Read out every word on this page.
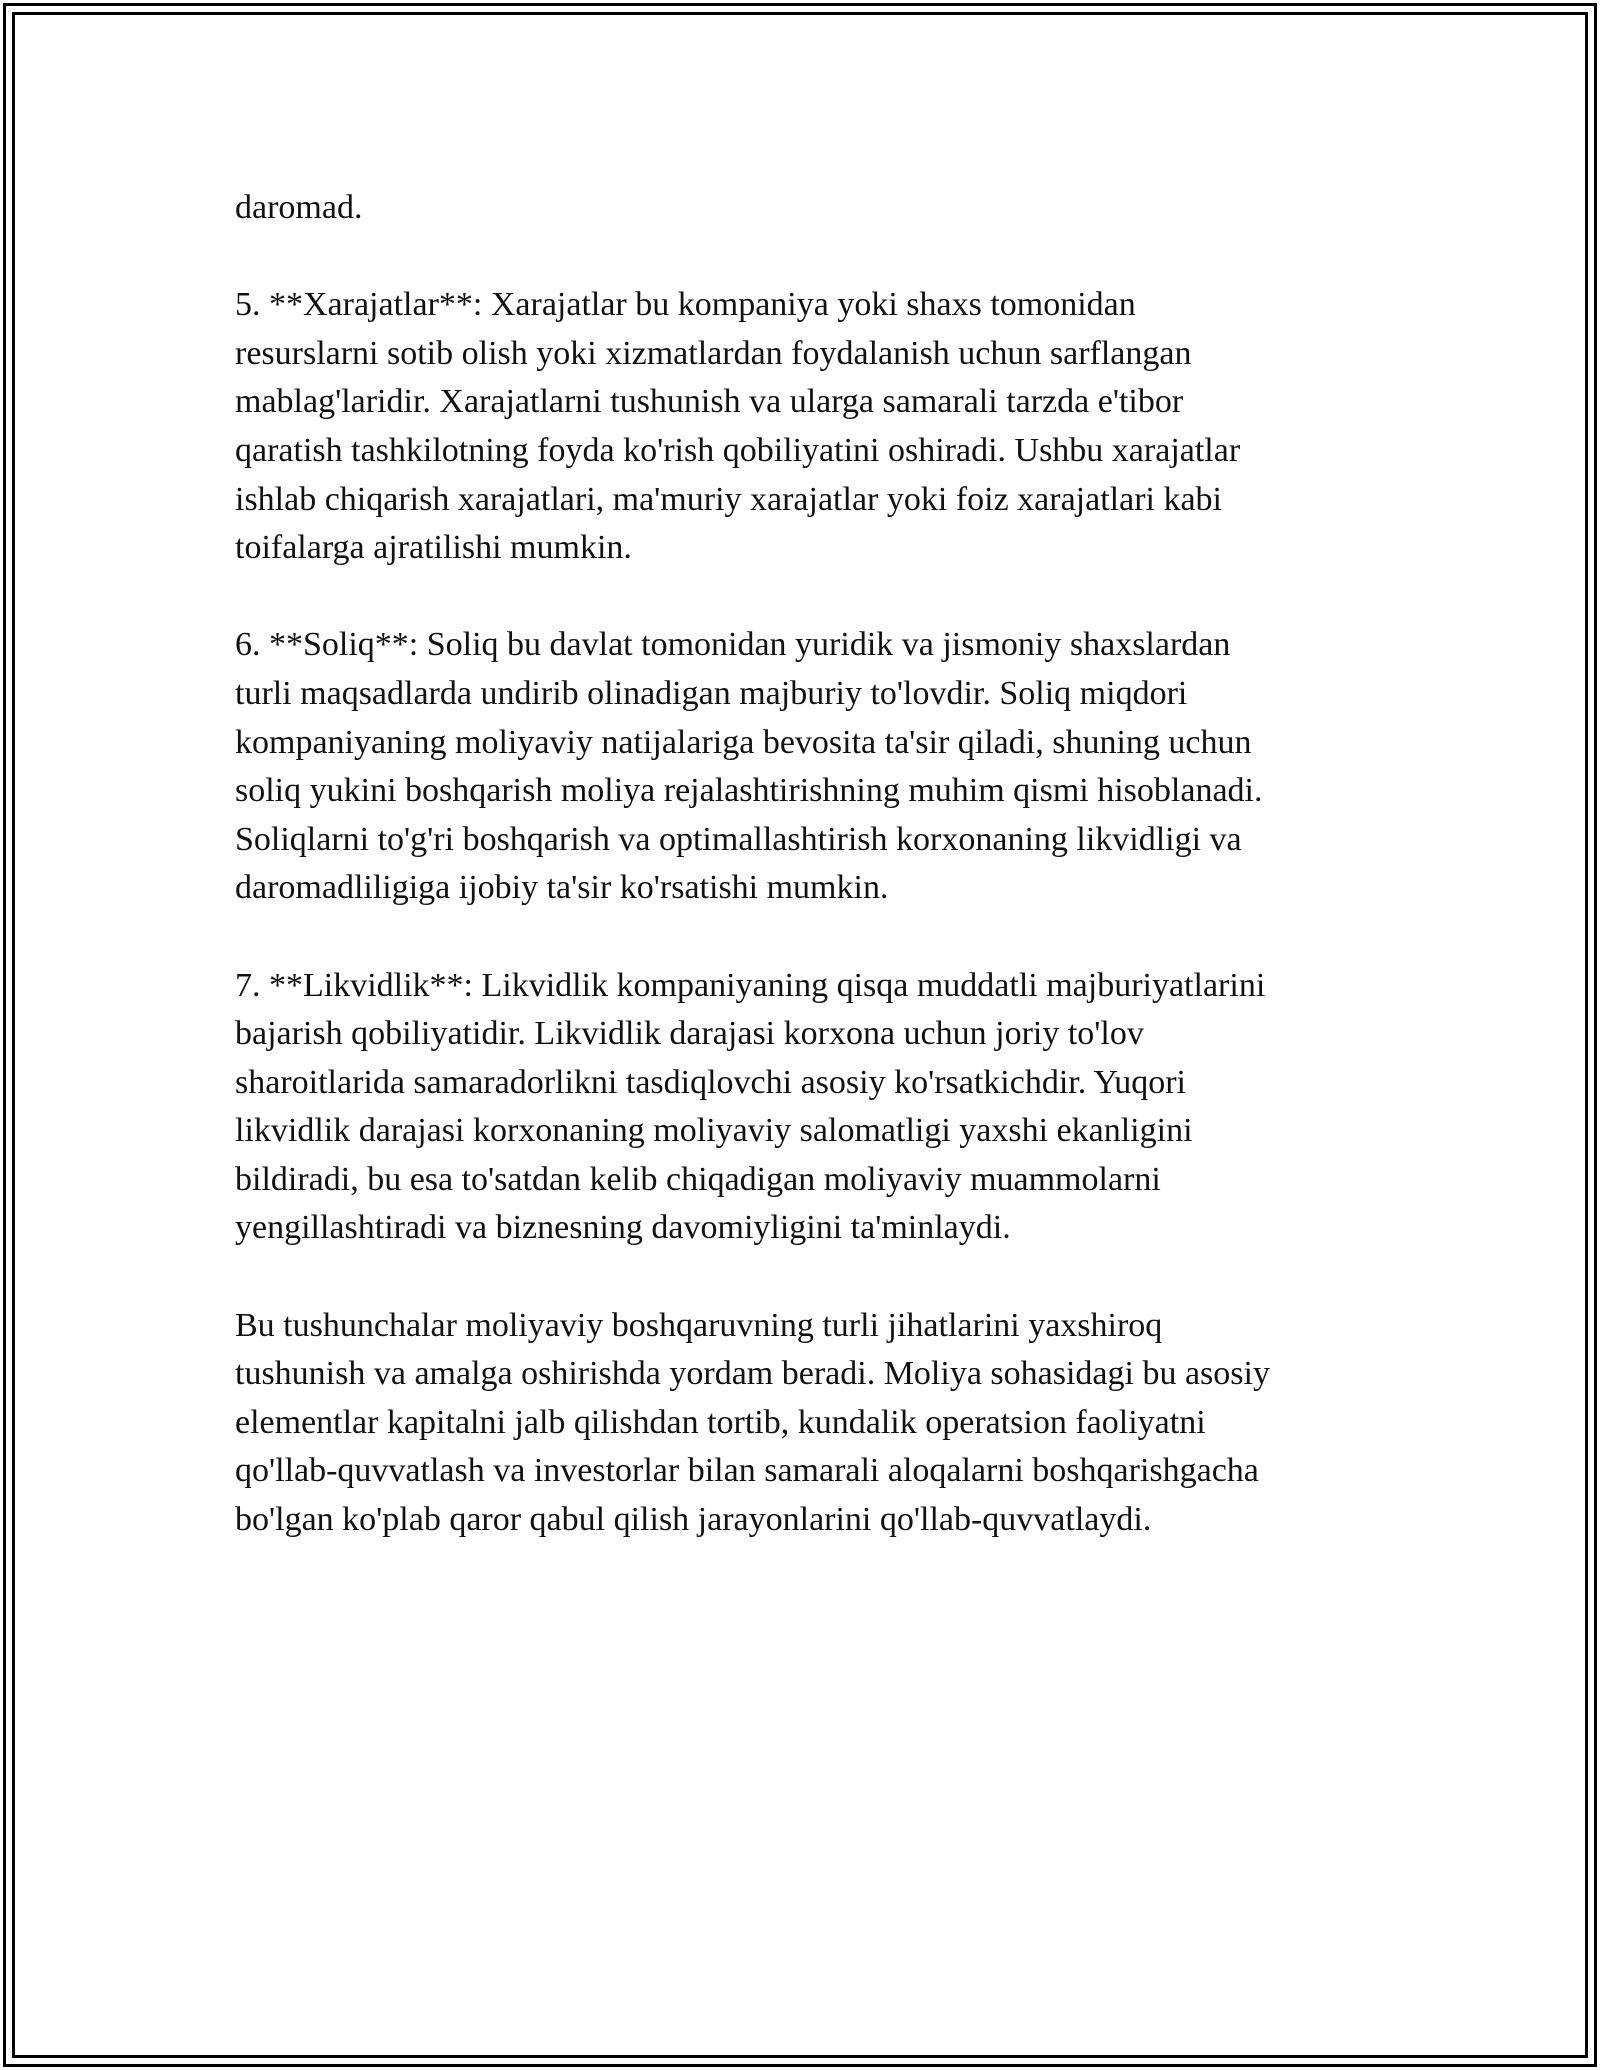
daromad.

5. **Xarajatlar**: Xarajatlar bu kompaniya yoki shaxs tomonidan
resurslarni sotib olish yoki xizmatlardan foydalanish uchun sarflangan
mablag'laridir. Xarajatlarni tushunish va ularga samarali tarzda e'tibor
qaratish tashkilotning foyda ko'rish qobiliyatini oshiradi. Ushbu xarajatlar
ishlab chiqarish xarajatlari, ma'muriy xarajatlar yoki foiz xarajatlari kabi
toifalarga ajratilishi mumkin.

6. **Soliq**: Soliq bu davlat tomonidan yuridik va jismoniy shaxslardan
turli maqsadlarda undirib olinadigan majburiy to'lovdir. Soliq miqdori
kompaniyaning moliyaviy natijalariga bevosita ta'sir qiladi, shuning uchun
soliq yukini boshqarish moliya rejalashtirishning muhim qismi hisoblanadi.
Soliqlarni to'g'ri boshqarish va optimallashtirish korxonaning likvidligi va
daromadliligiga ijobiy ta'sir ko'rsatishi mumkin.

7. **Likvidlik**: Likvidlik kompaniyaning qisqa muddatli majburiyatlarini
bajarish qobiliyatidir. Likvidlik darajasi korxona uchun joriy to'lov
sharoitlarida samaradorlikni tasdiqlovchi asosiy ko'rsatkichdir. Yuqori
likvidlik darajasi korxonaning moliyaviy salomatligi yaxshi ekanligini
bildiradi, bu esa to'satdan kelib chiqadigan moliyaviy muammolarni
yengillashtiradi va biznesning davomiyligini ta'minlaydi.

Bu tushunchalar moliyaviy boshqaruvning turli jihatlarini yaxshiroq
tushunish va amalga oshirishda yordam beradi. Moliya sohasidagi bu asosiy
elementlar kapitalni jalb qilishdan tortib, kundalik operatsion faoliyatni
qo'llab-quvvatlash va investorlar bilan samarali aloqalarni boshqarishgacha
bo'lgan ko'plab qaror qabul qilish jarayonlarini qo'llab-quvvatlaydi.
